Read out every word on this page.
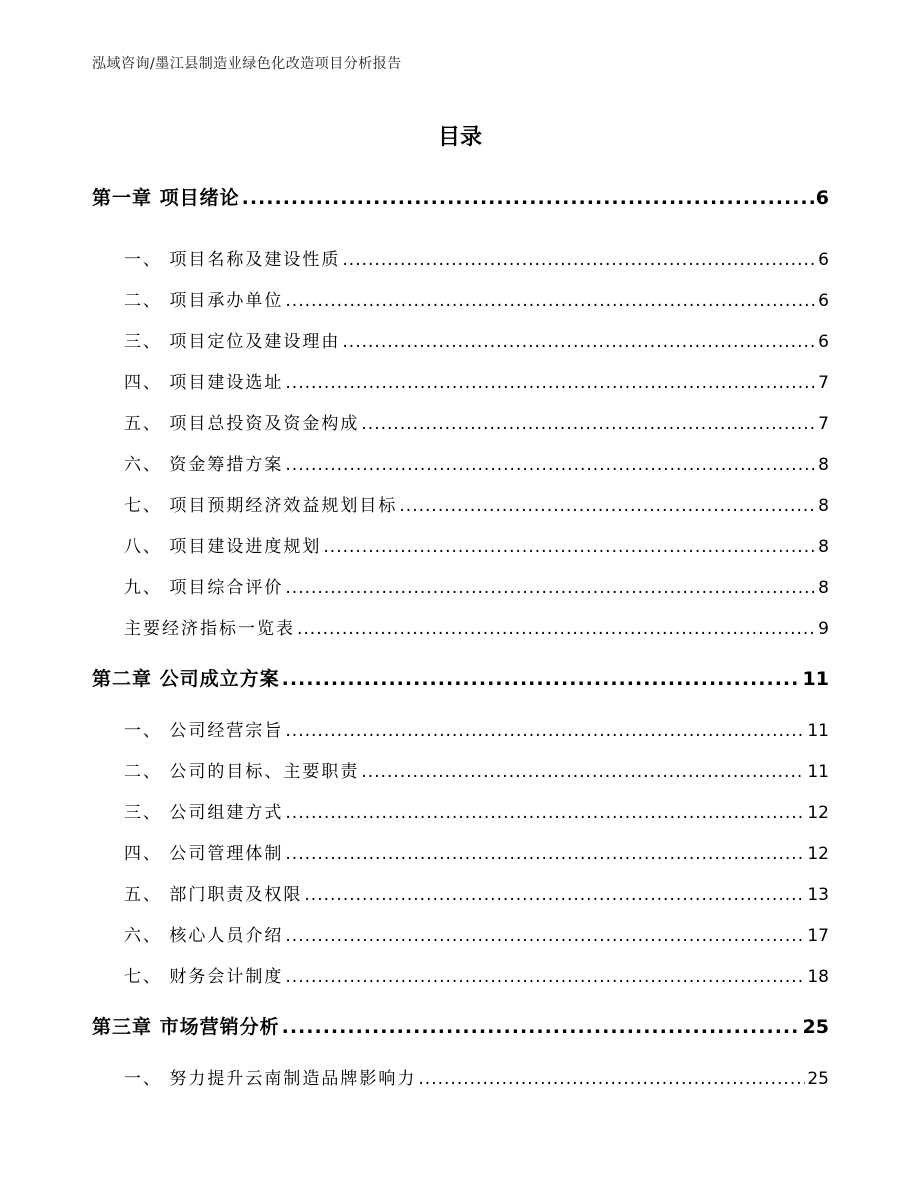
泓域咨询/墨江县制造业绿色化改造项目分析报告
目录
第一章 项目绪论 .....	6
一、 项目名称及建设性质 .....	6
二、 项目承办单位 .....	6
三、 项目定位及建设理由 .....	6
四、 项目建设选址 .....	7
五、 项目总投资及资金构成 .....	7
六、 资金筹措方案 .....	8
七、 项目预期经济效益规划目标 .....	8
八、 项目建设进度规划 .....	8
九、 项目综合评价 .....	8
主要经济指标一览表 .....	9
第二章 公司成立方案 .....	11
一、 公司经营宗旨 .....	11
二、 公司的目标、主要职责 .....	11
三、 公司组建方式 .....	12
四、 公司管理体制 .....	12
五、 部门职责及权限 .....	13
六、 核心人员介绍 .....	17
七、 财务会计制度 .....	18
第三章 市场营销分析 .....	25
一、 努力提升云南制造品牌影响力 .....	25
